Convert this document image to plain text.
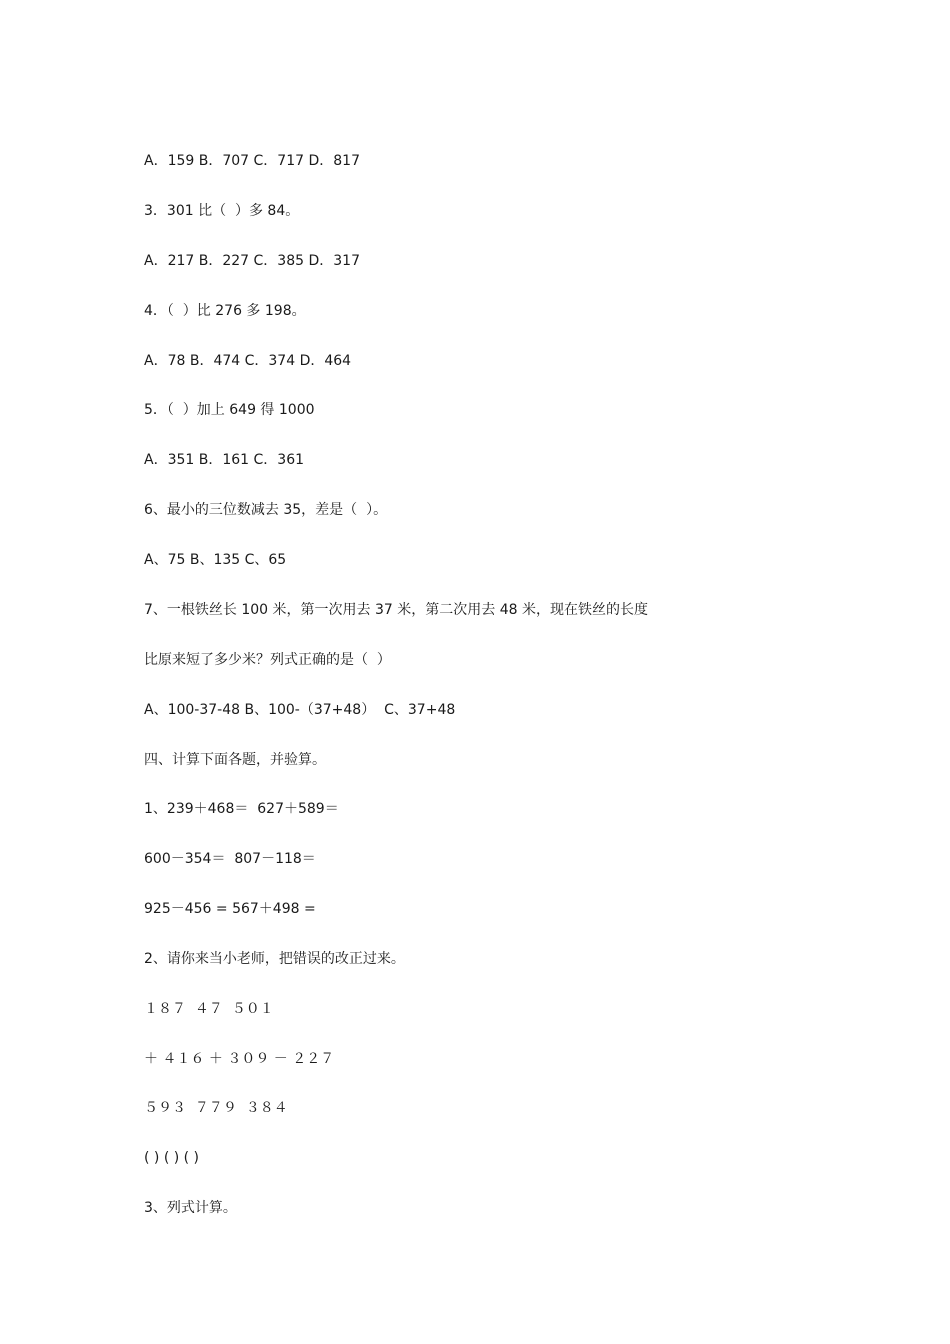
A．159 B．707 C．717 D．817

3．301 比（  ）多 84。

A．217 B．227 C．385 D．317

4．（  ）比 276 多 198。

A．78 B．474 C．374 D．464

5．（  ）加上 649 得 1000

A．351 B．161 C．361

6、最小的三位数减去 35，差是（  ）。

A、75 B、135 C、65

7、一根铁丝长 100 米，第一次用去 37 米，第二次用去 48 米，现在铁丝的长度

比原来短了多少米？列式正确的是（  ）

A、100-37-48 B、100-（37+48）  C、37+48

四、计算下面各题，并验算。

1、239＋468＝  627＋589＝

600－354＝  807－118＝

925－456 = 567＋498 =

2、请你来当小老师，把错误的改正过来。

１８７  ４７  ５０１

＋ ４１６ ＋ ３０９ － ２２７

５９３  ７７９  ３８４

( ) ( ) ( )

3、列式计算。
